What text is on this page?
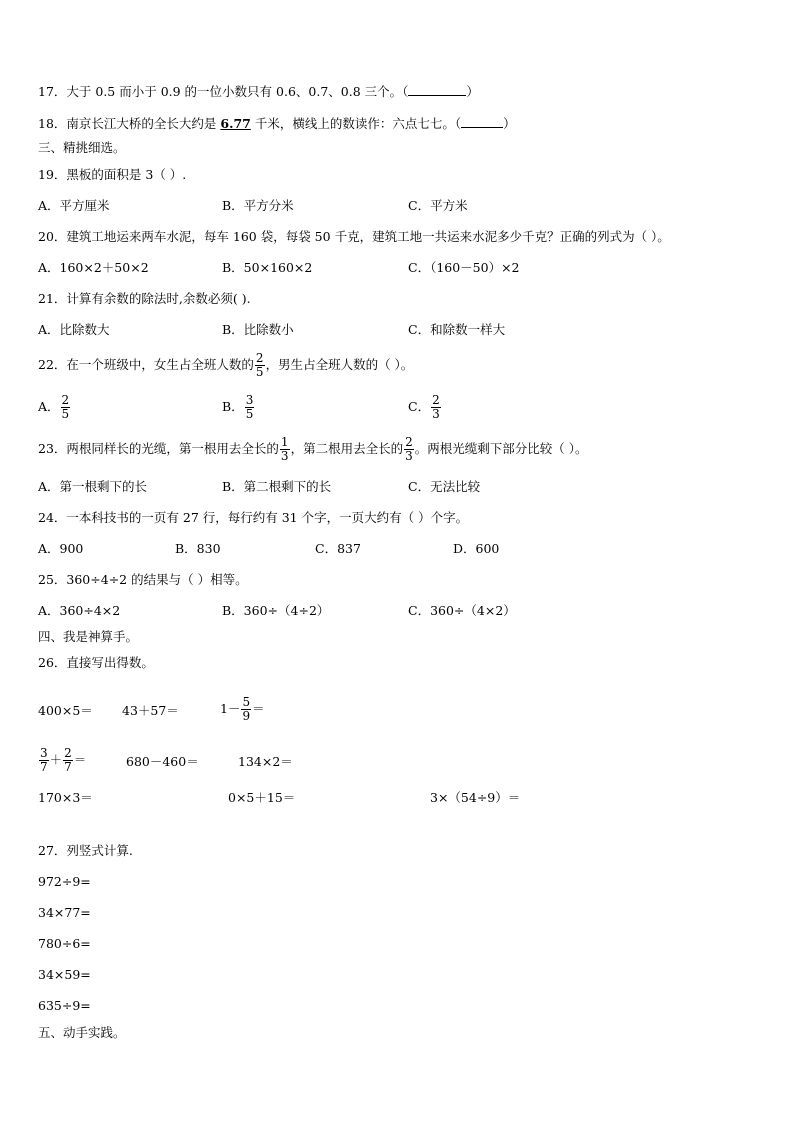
17．大于 0.5 而小于 0.9 的一位小数只有 0.6、0.7、0.8 三个。（	）
18．南京长江大桥的全长大约是 6.77 千米，横线上的数读作：六点七七。（	）
三、精挑细选。
19．黑板的面积是 3（ ）.
A．平方厘米	B．平方分米	C．平方米
20．建筑工地运来两车水泥，每车 160 袋，每袋 50 千克，建筑工地一共运来水泥多少千克？正确的列式为（ ）。
A．160×2＋50×2	B．50×160×2	C．（160－50）×2
21．计算有余数的除法时,余数必须( ).
A．比除数大	B．比除数小	C．和除数一样大
22．在一个班级中，女生占全班人数的 $\frac{2}{5}$ ，男生占全班人数的（ ）。
A． $\frac{2}{5}$	B． $\frac{3}{5}$	C． $\frac{2}{3}$
23．两根同样长的光缆，第一根用去全长的 $\frac{1}{3}$ ，第二根用去全长的 $\frac{2}{3}$ 。两根光缆剩下部分比较（ ）。
A．第一根剩下的长	B．第二根剩下的长	C．无法比较
24．一本科技书的一页有 27 行，每行约有 31 个字，一页大约有（ ）个字。
A．900	B．830	C．837	D．600
25．360÷4÷2 的结果与（ ）相等。
A．360÷4×2	B．360÷（4÷2）	C．360÷（4×2）
四、我是神算手。
26．直接写出得数。
400×5＝ 43＋57＝	$1- \frac{5}{9}$ ＝
$\frac{3}{7} + \frac{2}{7}$ ＝	680－460＝	134×2＝
170×3＝	0×5＋15＝	3×（54÷9）＝
27．列竖式计算.
972÷9=
34×77=
780÷6=
34×59=
635÷9=
五、动手实践。
